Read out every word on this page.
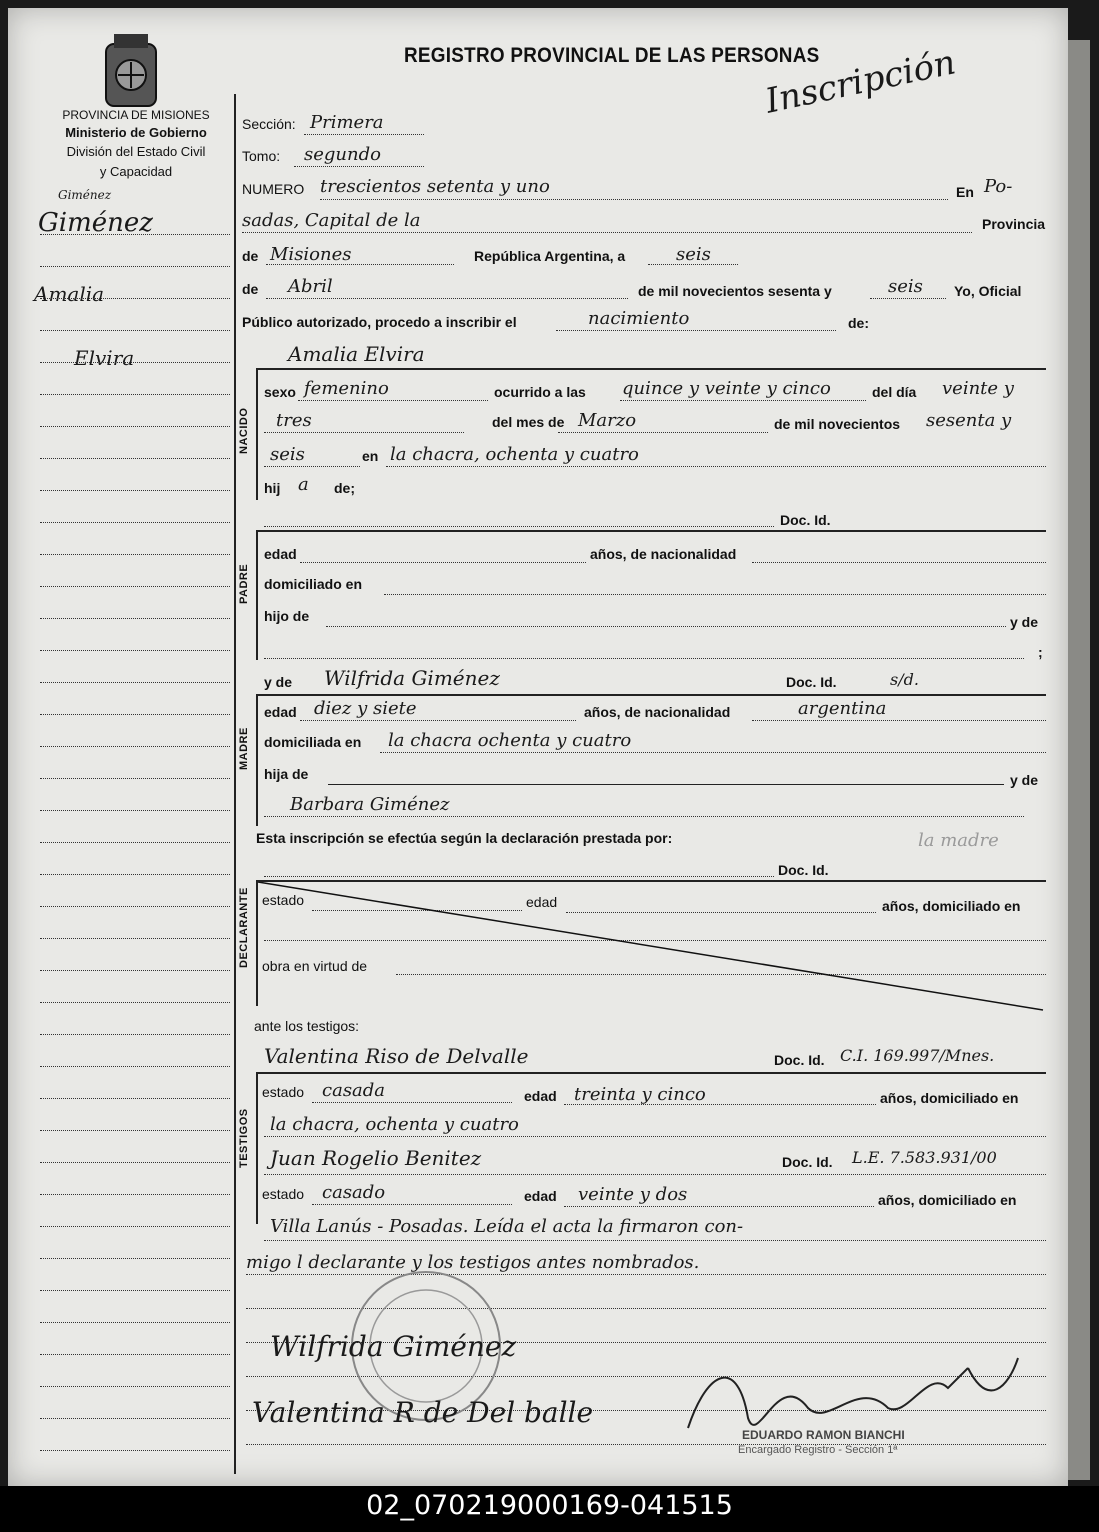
PROVINCIA DE MISIONES
Ministerio de Gobierno
División del Estado Civil
y Capacidad
REGISTRO PROVINCIAL DE LAS PERSONAS
Inscripción
Giménez
Giménez
Amalia
Elvira
Sección: Primera
Tomo: segundo
NUMERO trescientos setenta y uno	En Po-
sadas, Capital de la	Provincia
de Misiones	República Argentina, a	seis
de Abril	de mil novecientos sesenta y	seis Yo, Oficial
Público autorizado, procedo a inscribir el	nacimiento	de:
Amalia Elvira
NACIDO
sexo femenino	ocurrido a las quince y veinte y cinco	del día veinte y
tres	del mes de Marzo	de mil novecientos sesenta y
seis	en la chacra, ochenta y cuatro
hij a de;
Doc. Id.
PADRE
edad	años, de nacionalidad
domiciliado en
hijo de	y de
;
y de Wilfrida Giménez	Doc. Id.	s/d.
MADRE
edad diez y siete	años, de nacionalidad	argentina
domiciliada en la chacra ochenta y cuatro
hija de	y de
Barbara Giménez
Esta inscripción se efectúa según la declaración prestada por:	la madre
Doc. Id.
DECLARANTE estado	edad	años, domiciliado en
obra en virtud de
ante los testigos:
Valentina Riso de Delvalle	Doc. Id. C.I. 169.997/Mnes.
TESTIGOS
estado casada	edad treinta y cinco	años, domiciliado en
la chacra, ochenta y cuatro
Juan Rogelio Benitez	Doc. Id. L.E. 7.583.931/00
estado casado	edad veinte y dos	años, domiciliado en
Villa Lanús - Posadas. Leída el acta la firmaron con-
migo l declarante y los testigos antes nombrados.
Wilfrida Giménez
Valentina R de Del balle
EDUARDO RAMON BIANCHI
Encargado Registro - Sección 1ª
02_070219000169-041515
